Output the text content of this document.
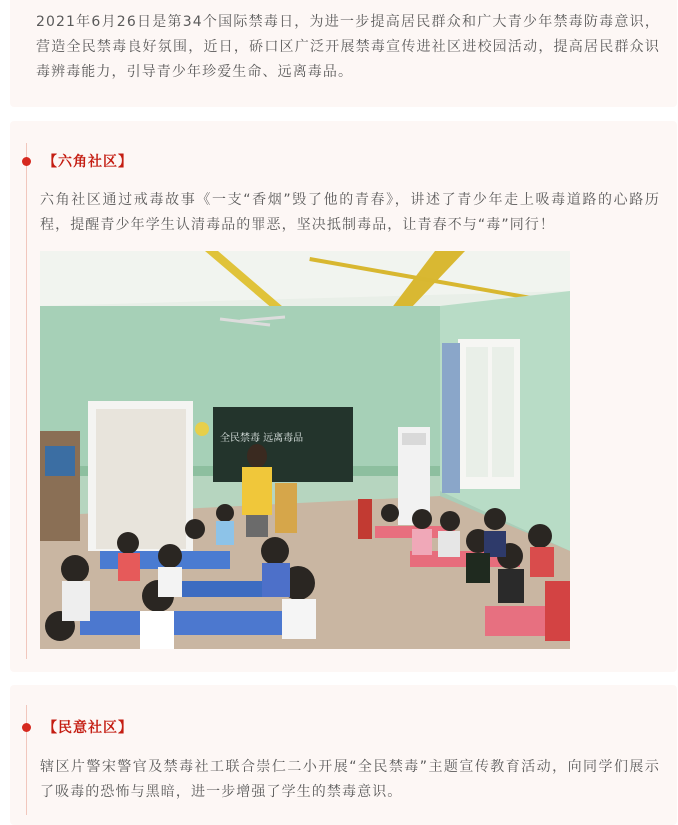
2021年6月26日是第34个国际禁毒日，为进一步提高居民群众和广大青少年禁毒防毒意识，营造全民禁毒良好氛围，近日，硚口区广泛开展禁毒宣传进社区进校园活动，提高居民群众识毒辨毒能力，引导青少年珍爱生命、远离毒品。

【六角社区】

六角社区通过戒毒故事《一支“香烟”毁了他的青春》，讲述了青少年走上吸毒道路的心路历程，提醒青少年学生认清毒品的罪恶，坚决抵制毒品，让青春不与“毒”同行！

全民禁毒 远离毒品
【民意社区】

辖区片警宋警官及禁毒社工联合崇仁二小开展“全民禁毒”主题宣传教育活动，向同学们展示了吸毒的恐怖与黑暗，进一步增强了学生的禁毒意识。
